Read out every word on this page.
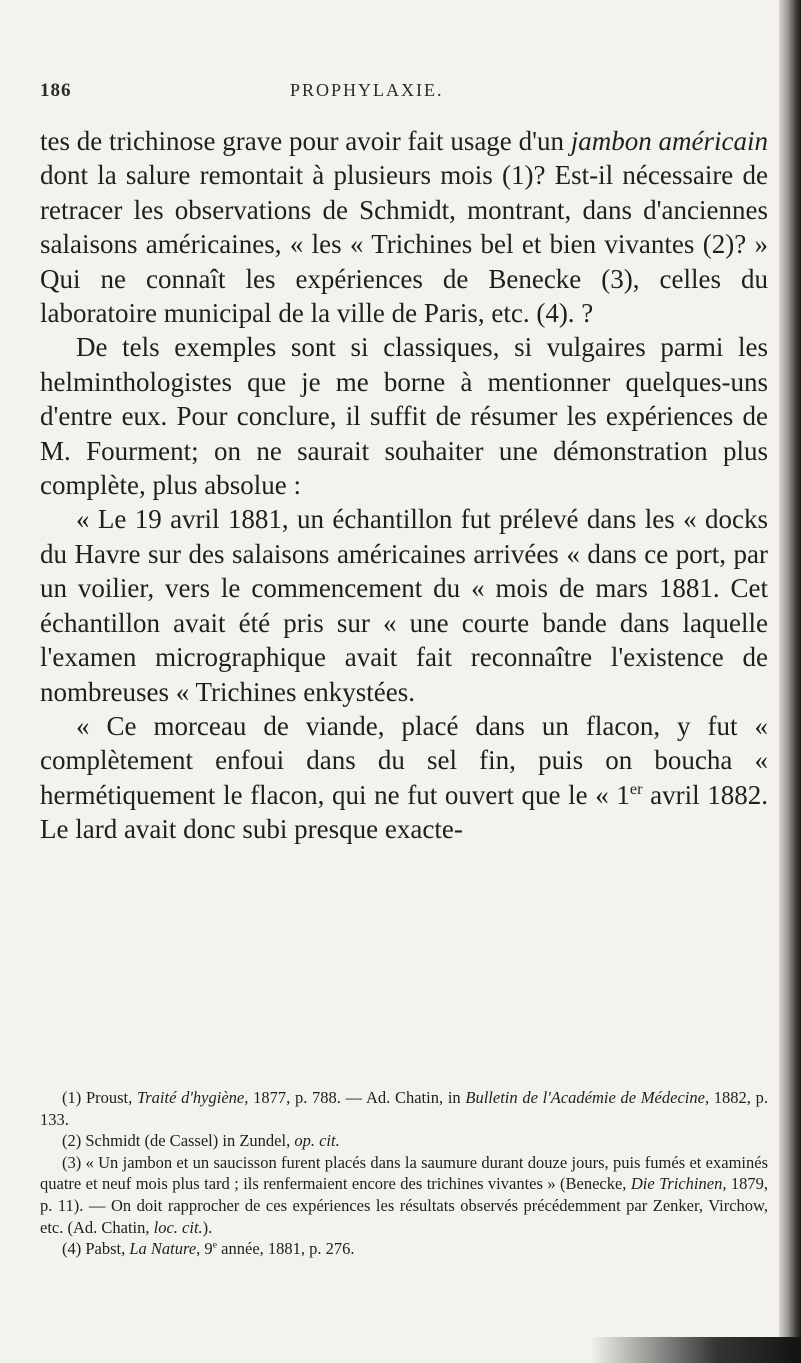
186	PROPHYLAXIE.

tes de trichinose grave pour avoir fait usage d'un jambon américain dont la salure remontait à plusieurs mois (1)? Est-il nécessaire de retracer les observations de Schmidt, montrant, dans d'anciennes salaisons américaines, « les « Trichines bel et bien vivantes (2)? » Qui ne connaît les expériences de Benecke (3), celles du laboratoire municipal de la ville de Paris, etc. (4). ?

De tels exemples sont si classiques, si vulgaires parmi les helminthologistes que je me borne à mentionner quelques-uns d'entre eux. Pour conclure, il suffit de résumer les expériences de M. Fourment; on ne saurait souhaiter une démonstration plus complète, plus absolue :

« Le 19 avril 1881, un échantillon fut prélevé dans les « docks du Havre sur des salaisons américaines arrivées « dans ce port, par un voilier, vers le commencement du « mois de mars 1881. Cet échantillon avait été pris sur « une courte bande dans laquelle l'examen micrographique avait fait reconnaître l'existence de nombreuses « Trichines enkystées.

« Ce morceau de viande, placé dans un flacon, y fut « complètement enfoui dans du sel fin, puis on boucha « hermétiquement le flacon, qui ne fut ouvert que le « 1er avril 1882. Le lard avait donc subi presque exacte-

(1) Proust, Traité d'hygiène, 1877, p. 788. — Ad. Chatin, in Bulletin de l'Académie de Médecine, 1882, p. 133.

(2) Schmidt (de Cassel) in Zundel, op. cit.

(3) « Un jambon et un saucisson furent placés dans la saumure durant douze jours, puis fumés et examinés quatre et neuf mois plus tard ; ils renfermaient encore des trichines vivantes » (Benecke, Die Trichinen, 1879, p. 11). — On doit rapprocher de ces expériences les résultats observés précédemment par Zenker, Virchow, etc. (Ad. Chatin, loc. cit.).

(4) Pabst, La Nature, 9e année, 1881, p. 276.
